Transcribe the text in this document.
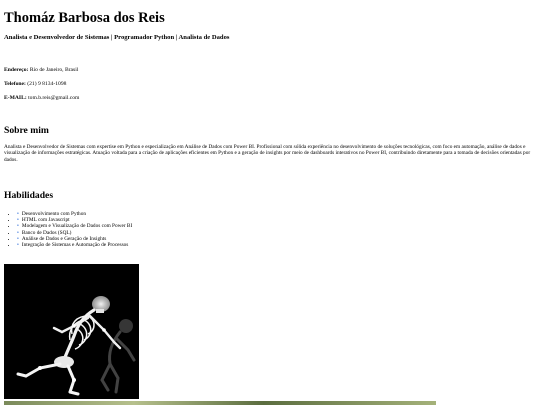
Thomáz Barbosa dos Reis

Analista e Desenvolvedor de Sistemas | Programador Python | Analista de Dados

Endereço: Rio de Janeiro, Brasil

Telefone: (21) 9 8134-1098

E-MAIL: tom.b.reis@gmail.com

Sobre mim

Analista e Desenvolvedor de Sistemas com expertise em Python e especialização em Análise de Dados com Power BI. Profissional com sólida experiência no desenvolvimento de soluções tecnológicas, com foco em automação, análise de dados e visualização de informações estratégicas. Atuação voltada para a criação de aplicações eficientes em Python e a geração de insights por meio de dashboards interativos no Power BI, contribuindo diretamente para a tomada de decisões orientadas por dados.

Habilidades
• • Desenvolvimento com Python
• • HTML com Javascript
• • Modelagem e Visualização de Dados com Power BI
• • Banco de Dados (SQL)
• • Análise de Dados e Geração de Insights
• • Integração de Sistemas e Automação de Processos
